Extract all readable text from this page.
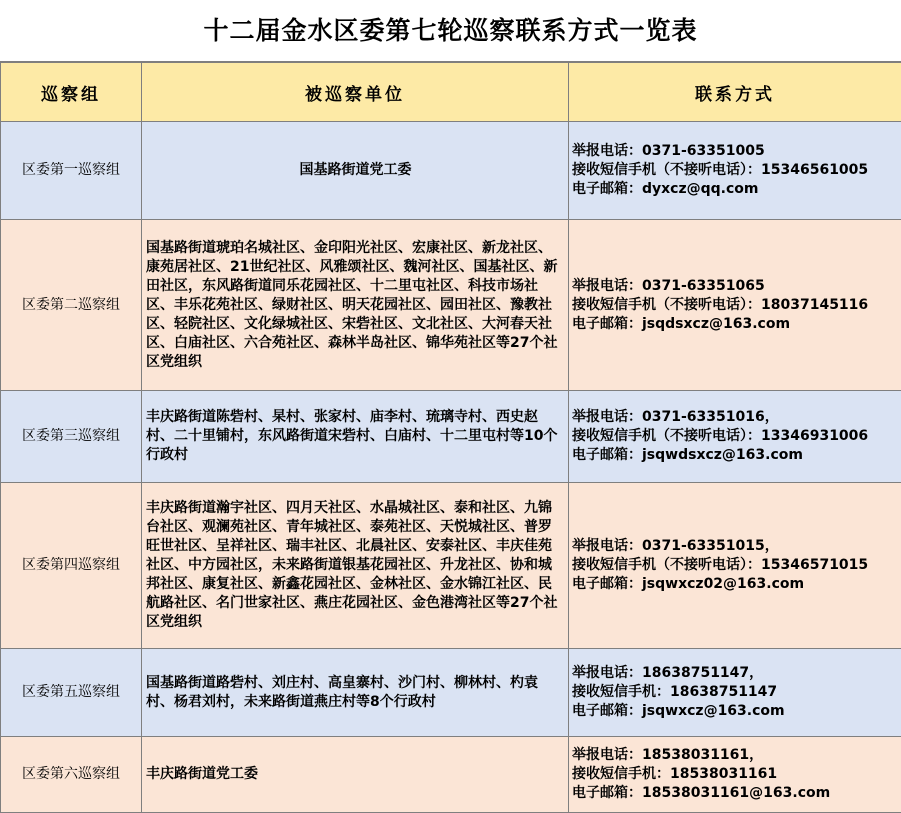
十二届金水区委第七轮巡察联系方式一览表
巡察组	被巡察单位	联系方式
区委第一巡察组	国基路街道党工委	举报电话：0371-63351005
接收短信手机（不接听电话）：15346561005
电子邮箱：dyxcz@qq.com

区委第二巡察组	国基路街道琥珀名城社区、金印阳光社区、宏康社区、新龙社区、康苑居社区、21世纪社区、风雅颂社区、魏河社区、国基社区、新田社区，东风路街道同乐花园社区、十二里屯社区、科技市场社区、丰乐花苑社区、绿财社区、明天花园社区、园田社区、豫教社区、轻院社区、文化绿城社区、宋砦社区、文北社区、大河春天社区、白庙社区、六合苑社区、森林半岛社区、锦华苑社区等27个社区党组织	举报电话：0371-63351065
接收短信手机（不接听电话）：18037145116
电子邮箱：jsqdsxcz@163.com

区委第三巡察组	丰庆路街道陈砦村、杲村、张家村、庙李村、琉璃寺村、西史赵村、二十里铺村，东风路街道宋砦村、白庙村、十二里屯村等10个行政村	举报电话：0371-63351016，
接收短信手机（不接听电话）：13346931006
电子邮箱：jsqwdsxcz@163.com

区委第四巡察组	丰庆路街道瀚宇社区、四月天社区、水晶城社区、泰和社区、九锦台社区、观澜苑社区、青年城社区、泰苑社区、天悦城社区、普罗旺世社区、呈祥社区、瑞丰社区、北晨社区、安泰社区、丰庆佳苑社区、中方园社区，未来路街道银基花园社区、升龙社区、协和城邦社区、康复社区、新鑫花园社区、金林社区、金水锦江社区、民航路社区、名门世家社区、燕庄花园社区、金色港湾社区等27个社区党组织	举报电话：0371-63351015，
接收短信手机（不接听电话）：15346571015
电子邮箱：jsqwxcz02@163.com

区委第五巡察组	国基路街道路砦村、刘庄村、高皇寨村、沙门村、柳林村、杓袁村、杨君刘村，未来路街道燕庄村等8个行政村	举报电话：18638751147，
接收短信手机：18638751147
电子邮箱：jsqwxcz@163.com

区委第六巡察组	丰庆路街道党工委	举报电话：18538031161，
接收短信手机：18538031161
电子邮箱：18538031161@163.com
